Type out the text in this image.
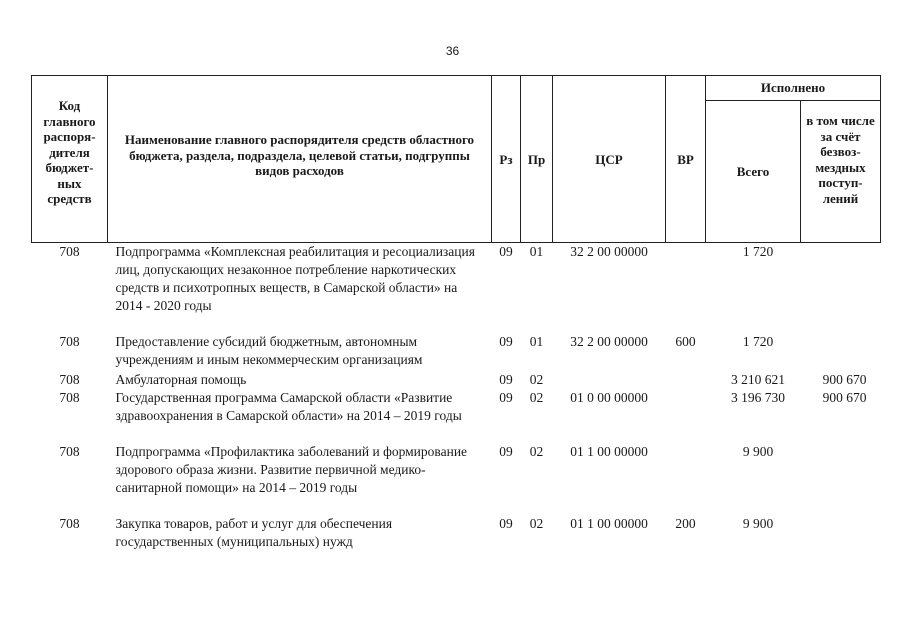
36
Код главного распоря-дителя бюджет-ных средств	Наименование главного распорядителя средств областного бюджета, раздела, подраздела, целевой статьи, подгруппы видов расходов	Рз	Пр	ЦСР	ВР	Исполнено	
						Всего	в том числе за счёт безвоз-мездных поступ-лений
708	Подпрограмма «Комплексная реабилитация и ресоциализация лиц, допускающих незаконное потребление наркотических средств и психотропных веществ, в Самарской области» на 2014 - 2020 годы	09	01	32 2 00 00000		1 720	
708	Предоставление субсидий бюджетным, автономным учреждениям и иным некоммерческим организациям	09	01	32 2 00 00000	600	1 720	
708	Амбулаторная помощь	09	02			3 210 621	900 670
708	Государственная программа Самарской области «Развитие здравоохранения в Самарской области» на 2014 – 2019 годы	09	02	01 0 00 00000		3 196 730	900 670
708	Подпрограмма «Профилактика заболеваний и формирование здорового образа жизни. Развитие первичной медико-санитарной помощи» на 2014 – 2019 годы	09	02	01 1 00 00000		9 900	
708	Закупка товаров, работ и услуг для обеспечения государственных (муниципальных) нужд	09	02	01 1 00 00000	200	9 900	
